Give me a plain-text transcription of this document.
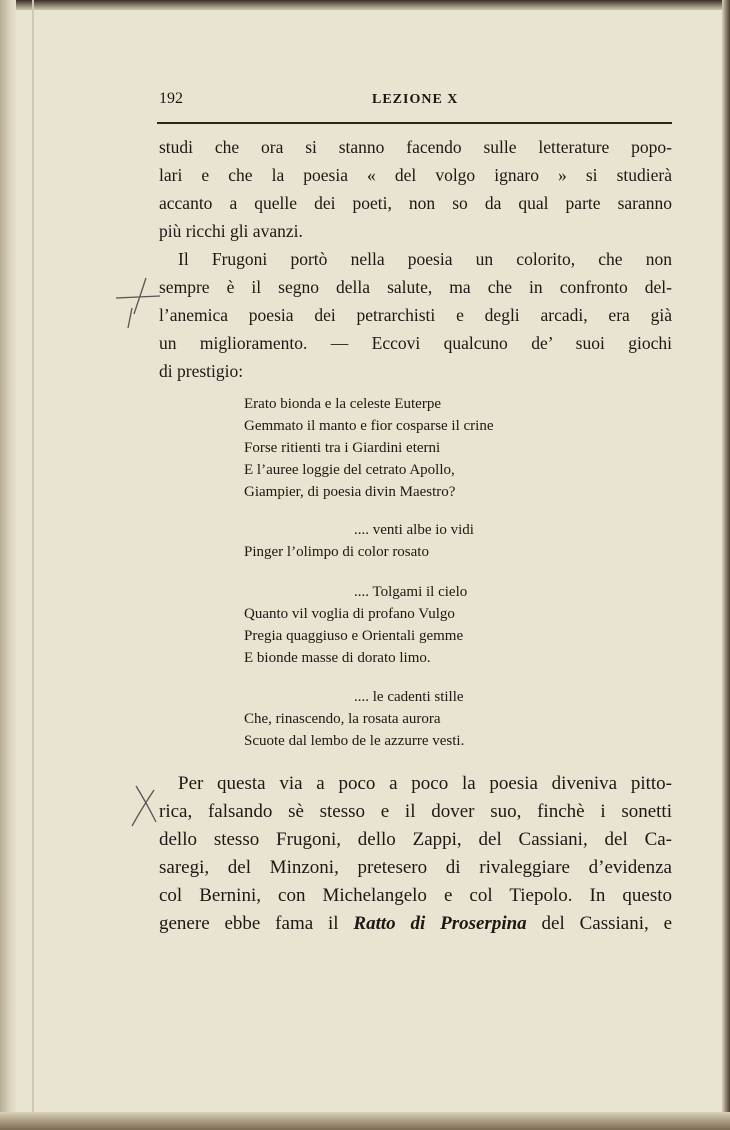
192	LEZIONE X
studi che ora si stanno facendo sulle letterature popo-
lari e che la poesia « del volgo ignaro » si studierà
accanto a quelle dei poeti, non so da qual parte saranno
più ricchi gli avanzi.
Il Frugoni portò nella poesia un colorito, che non
sempre è il segno della salute, ma che in confronto del-
l’anemica poesia dei petrarchisti e degli arcadi, era già
un miglioramento. — Eccovi qualcuno de’ suoi giochi
di prestigio:
Erato bionda e la celeste Euterpe
Gemmato il manto e fior cosparse il crine
Forse ritienti tra i Giardini eterni
E l’auree loggie del cetrato Apollo,
Giampier, di poesia divin Maestro?
.... venti albe io vidi
Pinger l’olimpo di color rosato
.... Tolgami il cielo
Quanto vil voglia di profano Vulgo
Pregia quaggiuso e Orientali gemme
E bionde masse di dorato limo.
.... le cadenti stille
Che, rinascendo, la rosata aurora
Scuote dal lembo de le azzurre vesti.
Per questa via a poco a poco la poesia diveniva pitto-
rica, falsando sè stesso e il dover suo, finchè i sonetti
dello stesso Frugoni, dello Zappi, del Cassiani, del Ca-
saregi, del Minzoni, pretesero di rivaleggiare d’evidenza
col Bernini, con Michelangelo e col Tiepolo. In questo
genere ebbe fama il Ratto di Proserpina del Cassiani, e
